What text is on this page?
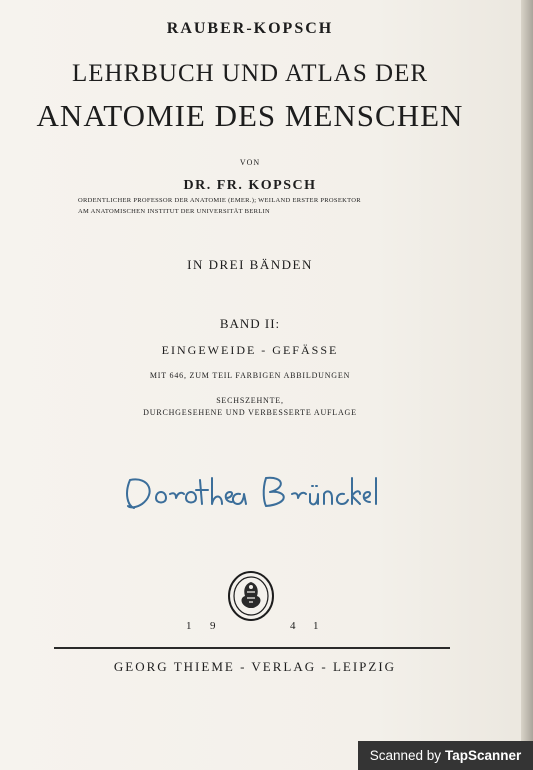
RAUBER-KOPSCH
LEHRBUCH UND ATLAS DER
ANATOMIE DES MENSCHEN
VON
DR. FR. KOPSCH
ORDENTLICHER PROFESSOR DER ANATOMIE (EMER.); WEILAND ERSTER PROSEKTOR
AM ANATOMISCHEN INSTITUT DER UNIVERSITÄT BERLIN
IN DREI BÄNDEN
BAND II:
EINGEWEIDE - GEFÄSSE
MIT 646, ZUM TEIL FARBIGEN ABBILDUNGEN
SECHSZEHNTE,
DURCHGESEHENE UND VERBESSERTE AUFLAGE
1 9	4 1
GEORG THIEME - VERLAG - LEIPZIG
Scanned by TapScanner
